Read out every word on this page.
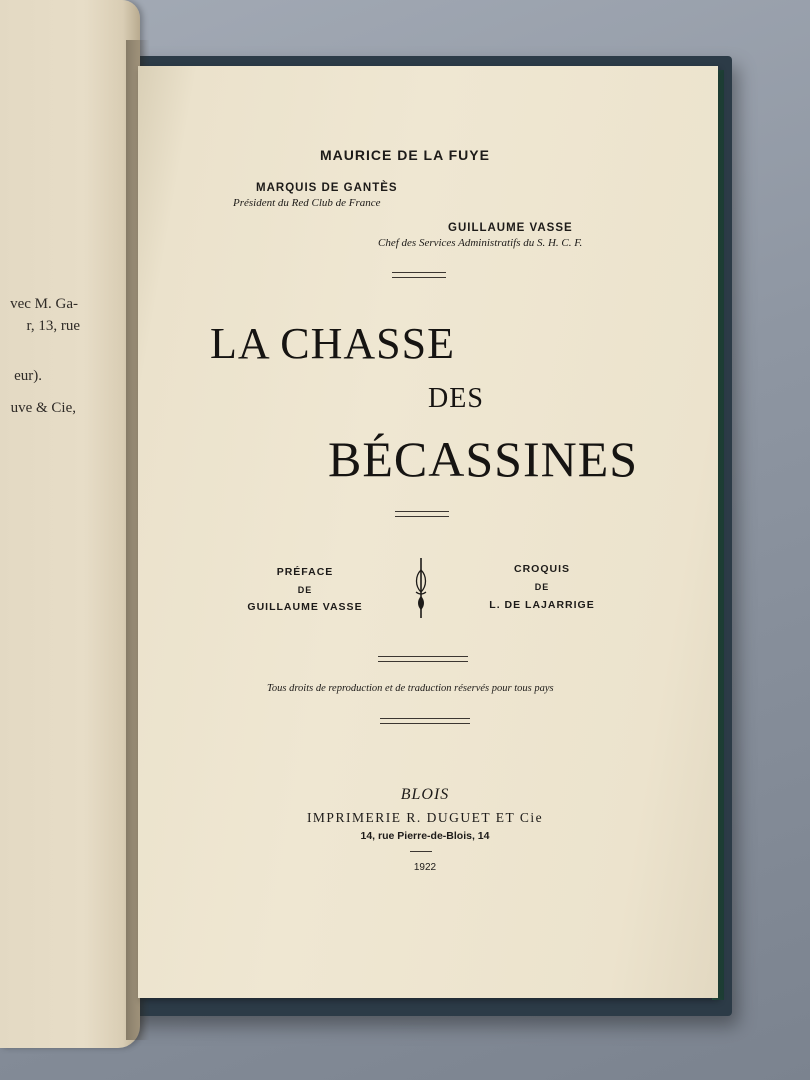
vec M. Ga-
r, 13, rue
eur).
uve & Cie,
MAURICE DE LA FUYE
MARQUIS DE GANTÈS
Président du Red Club de France
GUILLAUME VASSE
Chef des Services Administratifs du S. H. C. F.
LA CHASSE
DES
BÉCASSINES
PRÉFACE
DE
GUILLAUME VASSE
CROQUIS
DE
L. DE LAJARRIGE
Tous droits de reproduction et de traduction réservés pour tous pays
BLOIS
IMPRIMERIE R. DUGUET ET Cie
14, rue Pierre-de-Blois, 14
1922
